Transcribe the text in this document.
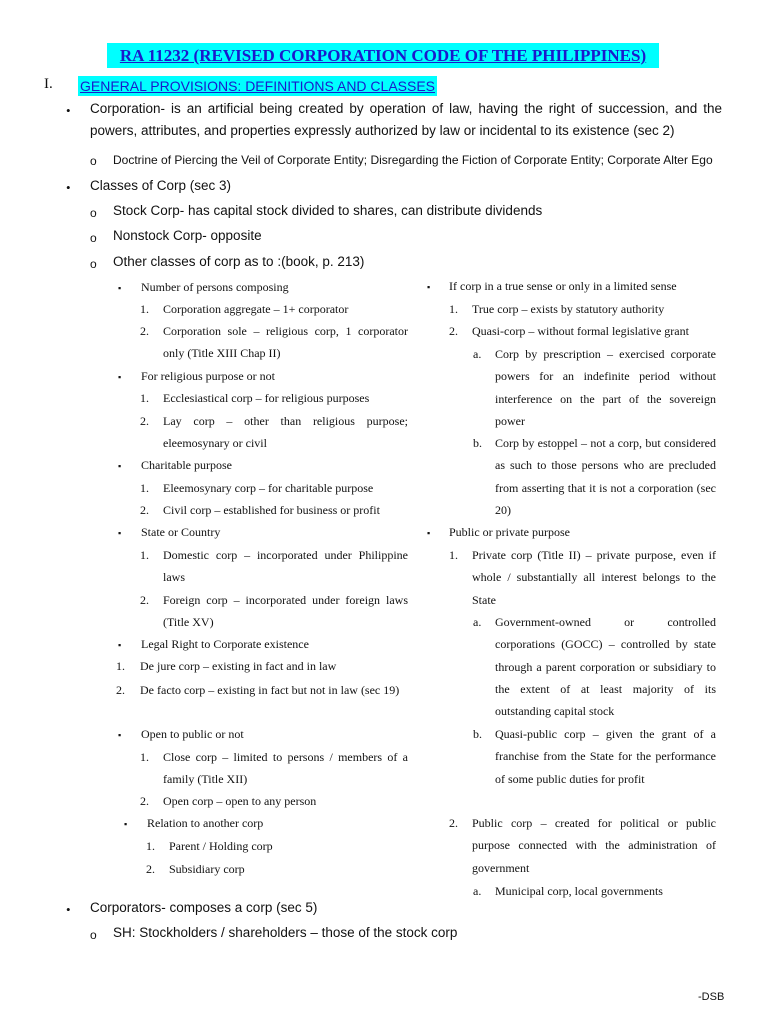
RA 11232 (REVISED CORPORATION CODE OF THE PHILIPPINES)
I. GENERAL PROVISIONS: DEFINITIONS AND CLASSES
• Corporation- is an artificial being created by operation of law, having the right of succession, and the powers, attributes, and properties expressly authorized by law or incidental to its existence (sec 2)
o Doctrine of Piercing the Veil of Corporate Entity; Disregarding the Fiction of Corporate Entity; Corporate Alter Ego
• Classes of Corp (sec 3)
o Stock Corp- has capital stock divided to shares, can distribute dividends
o Nonstock Corp- opposite
o Other classes of corp as to :(book, p. 213)
▪ Number of persons composing
1. Corporation aggregate – 1+ corporator
2. Corporation sole – religious corp, 1 corporator only (Title XIII Chap II)
▪ For religious purpose or not
1. Ecclesiastical corp – for religious purposes
2. Lay corp – other than religious purpose; eleemosynary or civil
▪ Charitable purpose
1. Eleemosynary corp – for charitable purpose
2. Civil corp – established for business or profit
▪ State or Country
1. Domestic corp – incorporated under Philippine laws
2. Foreign corp – incorporated under foreign laws (Title XV)
▪ Legal Right to Corporate existence
1. De jure corp – existing in fact and in law
2. De facto corp – existing in fact but not in law (sec 19)
▪ Open to public or not
1. Close corp – limited to persons / members of a family (Title XII)
2. Open corp – open to any person
▪ Relation to another corp
1. Parent / Holding corp
2. Subsidiary corp
▪ If corp in a true sense or only in a limited sense
1. True corp – exists by statutory authority
2. Quasi-corp – without formal legislative grant
a. Corp by prescription – exercised corporate powers for an indefinite period without interference on the part of the sovereign power
b. Corp by estoppel – not a corp, but considered as such to those persons who are precluded from asserting that it is not a corporation (sec 20)
▪ Public or private purpose
1. Private corp (Title II) – private purpose, even if whole / substantially all interest belongs to the State
a. Government-owned or controlled corporations (GOCC) – controlled by state through a parent corporation or subsidiary to the extent of at least majority of its outstanding capital stock
b. Quasi-public corp – given the grant of a franchise from the State for the performance of some public duties for profit
2. Public corp – created for political or public purpose connected with the administration of government
a. Municipal corp, local governments
• Corporators- composes a corp (sec 5)
o SH: Stockholders / shareholders – those of the stock corp
-DSB
